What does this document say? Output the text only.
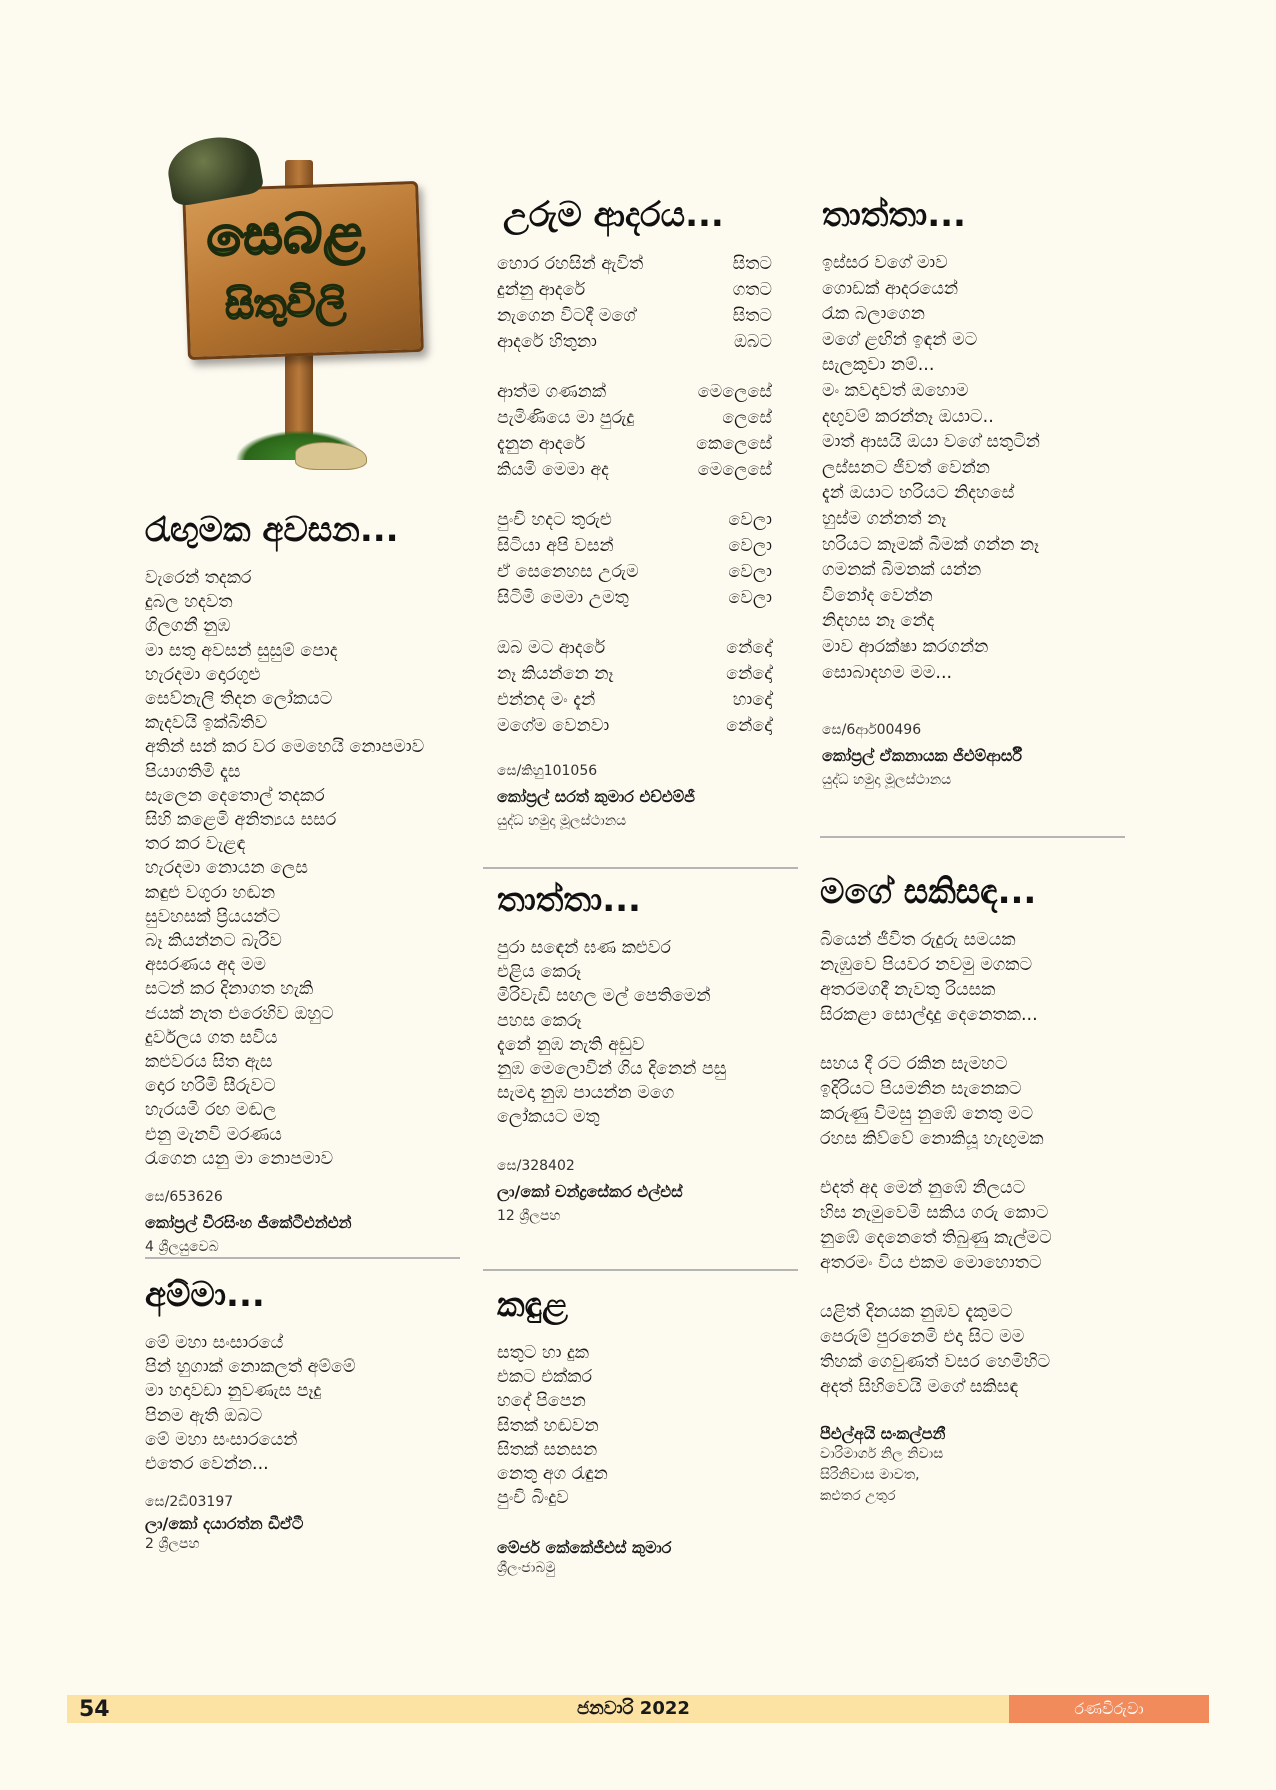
සෙබළ
සිතුවිලි
රැඟුමක අවසන...
වැරෙන් තදකර
දුබල හදවත
ගිලගනී නුඹ
මා සතු අවසන් සුසුම් පොද
හැරදමා දොරගුළු
සෙව්නැලි තිදන ලෝකයට
කැදවයි ඉක්බිතිව
අතින් සන් කර වර මෙහෙයි නොපමාව
පියාගතිමි දෑස
සැලෙන දෙතොල් තදකර
සිහි කළෙමි අනිත්‍යය සසර
තර කර වැළඳ
හැරදමා නොයන ලෙස
කඳුළු වගුරා හඬන
සුවහසක් ප්‍රියයන්ට
බෑ කියන්නට බැරිව
අසරණය අද මම
සටන් කර දිනාගත හැකි
ජයක් නැත එරෙහිව ඔහුට
දුර්වලය ගත සවිය
කළුවරය සිත ඇස
දොර හරිමි සීරුවට
හැරයමි රඟ මඬල
එනු මැනවි මරණය
රැගෙන යනු මා නොපමාව
සෙ/653626
කෝප්‍රල් වීරසිංහ ජීකේටීඑන්එන්
4 ශ්‍රීලයුවෙබ
අම්මා...
මේ මහා සංසාරයේ
පින් හුගාක් නොකලත් අම්මේ
මා හදාවඩා නුවණැස පෑදු
පිනම ඇති ඔබට
මේ මහා සංසාරයෙන්
එතෙර වෙන්න...
සෙ/2ඩී03197
ලා/කෝ දයාරත්න ඩීඒටී
2 ශ්‍රීලපහ
උරුම ආදරය...
හොර රහසින් ඇවිත්	සිතට
දුන්නු ආදරේ	ගතට
නැගෙන විටදී මගේ	සිතට
ආදරේ හිතුනා	ඔබට
ආත්ම ගණනක්	මෙලෙසේ
පැමිණියෙ මා පුරුදු	ලෙසේ
දැනුන ආදරේ	කෙලෙසේ
කියමි මෙමා අද	මෙලෙසේ
පුංචි හදට තුරුළු	වෙලා
සිටියා අපි වසන්	වෙලා
ඒ සෙනෙහස උරුම	වෙලා
සිටිමි මෙමා උමතු	වෙලා
ඔබ මට ආදරේ	නේදෝ
නෑ කියන්නෙ නෑ	නේදෝ
එන්නද මං දැන්	හාදෝ
මගේම වෙනවා	නේදෝ
සෙ/කිහු101056
කෝප්‍රල් සරත් කුමාර එච්එම්ජී
යුද්ධ හමුදා මූලස්ථානය
තාත්තා...
පුරා සඳෙන් ඝණ කළුවර
එළිය කෙරූ
මිරිවැඩි සඟල මල් පෙතිමෙන්
පහස කෙරූ
දැනේ නුඹ නැති අඩුව
නුඹ මෙලොවින් ගිය දිනෙන් පසු
සැමදා නුඹ පායන්න මගෙ
ලෝකයට මතු
සෙ/328402
ලා/කෝ චන්ද්‍රසේකර එල්එස්
12 ශ්‍රීලපහ
කඳුළ
සතුට හා දුක
එකට එක්කර
හදේ පිපෙන
සිතක් හඬවන
සිතක් සනසන
නෙතු අග රැඳුන
පුංචි බිංදුව
මේජර් කේකේජීඑස් කුමාර
ශ්‍රීලංජාබමු
තාත්තා...
ඉස්සර වගේ මාව
ගොඩක් ආදරයෙන්
රැක බලාගෙන
මගේ ළඟින් ඉඳන් මට
සැලකුවා නම්...
මං කවදාවත් ඔහොම
දඟුවම් කරන්නෑ ඔයාට..
මාත් ආසයි ඔයා වගේ සතුටින්
ලස්සනට ජීවත් වෙන්න
දැන් ඔයාට හරියට නිදහසේ
හුස්ම ගන්නත් නෑ
හරියට කෑමක් බීමක් ගන්න නෑ
ගමනක් බිමනක් යන්න
විනෝද වෙන්න
නිදහස නෑ නේද
මාව ආරක්ෂා කරගන්න
සොබාදහම මම...
සෙ/6ආර්00496
කෝප්‍රල් ඒකනායක ජීඑම්ආර්සී
යුද්ධ හමුදා මූලස්ථානය
මගේ සකිසඳ...
බියෙන් ජීවිත රුදුරු සමයක
නැඹුවෙ පියවර නවමු මගකට
අතරමගදී නැවතු රියසක
සිරකළා සොල්දාදු දෙනෙතක...
සහය දී රට රකින සැමහට
ඉදිරියට පියමනින සැනෙකට
කරුණු විමසු නුඹේ නෙතු මට
රහස කිව්වේ නොකියූ හැඟුමක
එදත් අද මෙන් නුඹේ නිලයට
හිස නැමුවෙමි සකිය ගරු කොට
නුඹේ දෙනෙතේ තිබුණු කැල්මට
අතරමං විය එකම මොහොතට
යළිත් දිනයක නුඹව දැකුමට
පෙරුම් පුරනෙමි එදා සිට මම
තිහක් ගෙවුණත් වසර හෙමිහිට
අදත් සිහිවෙයි මගේ සකිසඳ
පීඑල්අයි සංකල්පනී
වාරිමාර්ග නිල නිවාස
සිරිනිවාස මාවත,
කළුතර උතුර
54	ජනවාරි 2022	රණවිරුවා
